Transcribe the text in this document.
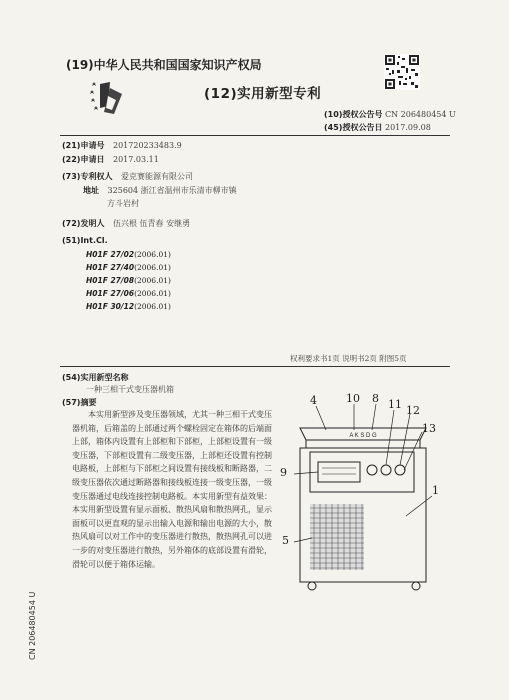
(19)中华人民共和国国家知识产权局
(12)实用新型专利
(10)授权公告号 CN 206480454 U
(45)授权公告日 2017.09.08
(21)申请号 201720233483.9
(22)申请日 2017.03.11
(73)专利权人 爱克赛能源有限公司
地址 325604 浙江省温州市乐清市柳市镇
方斗岩村
(72)发明人 伍兴根 伍青春 安继勇
(51)Int.Cl.
H01F 27/02(2006.01)
H01F 27/40(2006.01)
H01F 27/08(2006.01)
H01F 27/06(2006.01)
H01F 30/12(2006.01)
权利要求书1页 说明书2页 附图5页
(54)实用新型名称
一种三相干式变压器机箱
(57)摘要
本实用新型涉及变压器领域，尤其一种三相干式变压器机箱，后箱盖的上部通过两个螺栓固定在箱体的后端面上部，箱体内设置有上部柜和下部柜，上部柜设置有一级变压器，下部柜设置有二级变压器，上部柜还设置有控制电路板，上部柜与下部柜之间设置有接线板和断路器，二级变压器依次通过断路器和接线板连接一级变压器，一级变压器通过电线连接控制电路板。本实用新型有益效果：本实用新型设置有显示面板、散热风扇和散热网孔，显示面板可以更直观的显示出输入电源和输出电源的大小，散热风扇可以对工作中的变压器进行散热，散热网孔可以进一步的对变压器进行散热，另外箱体的底部设置有滑轮，滑轮可以便于箱体运输。
CN 206480454 U
A K S D G
4	10 8 11 12
13
9
1
5
